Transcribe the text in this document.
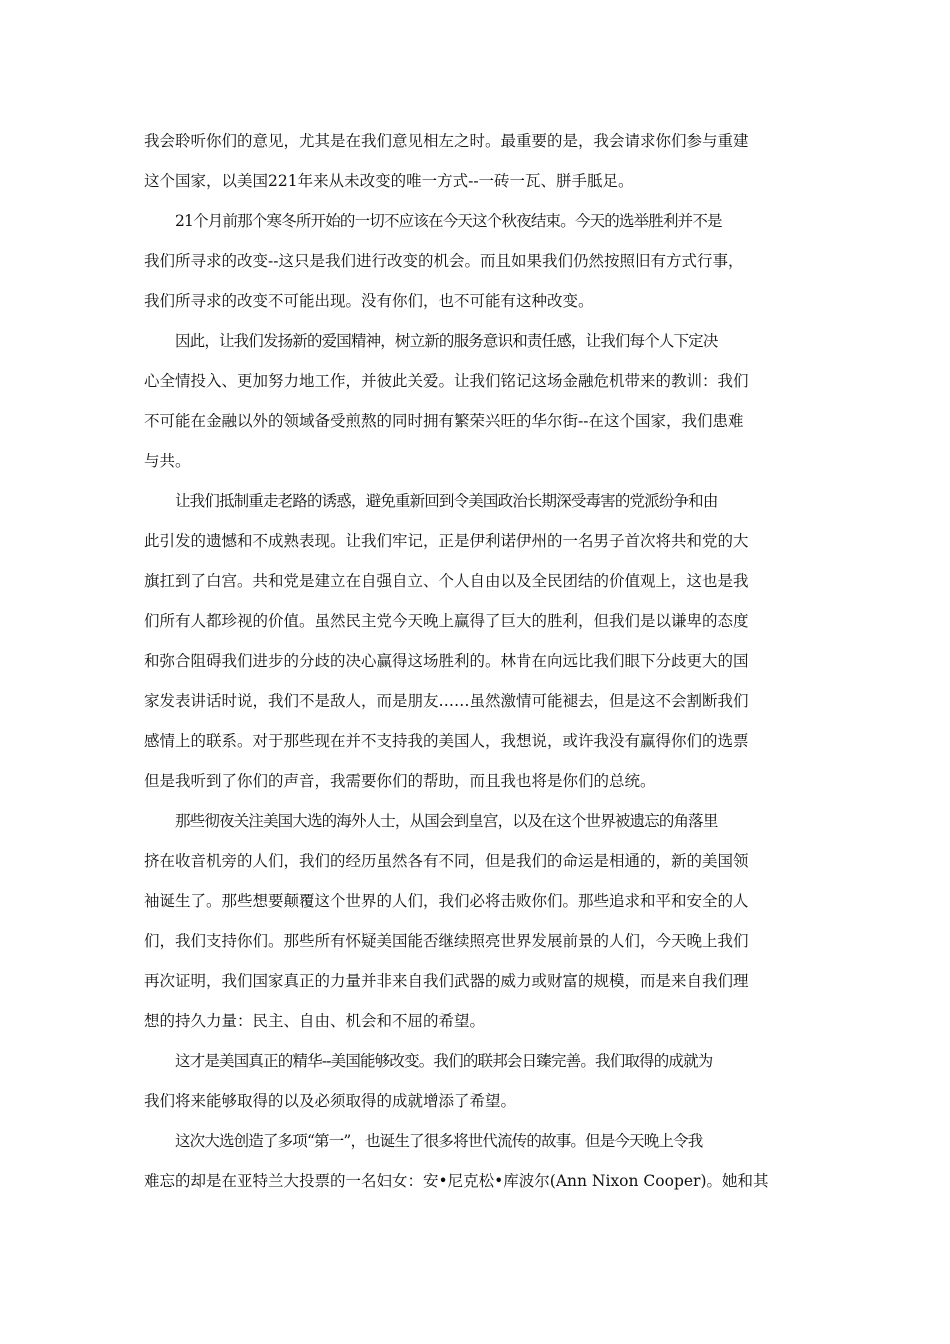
我会聆听你们的意见，尤其是在我们意见相左之时。最重要的是，我会请求你们参与重建
这个国家，以美国221年来从未改变的唯一方式--一砖一瓦、胼手胝足。
21个月前那个寒冬所开始的一切不应该在今天这个秋夜结束。今天的选举胜利并不是
我们所寻求的改变--这只是我们进行改变的机会。而且如果我们仍然按照旧有方式行事，
我们所寻求的改变不可能出现。没有你们，也不可能有这种改变。
因此，让我们发扬新的爱国精神，树立新的服务意识和责任感，让我们每个人下定决
心全情投入、更加努力地工作，并彼此关爱。让我们铭记这场金融危机带来的教训：我们
不可能在金融以外的领域备受煎熬的同时拥有繁荣兴旺的华尔街--在这个国家，我们患难
与共。
让我们抵制重走老路的诱惑，避免重新回到令美国政治长期深受毒害的党派纷争和由
此引发的遗憾和不成熟表现。让我们牢记，正是伊利诺伊州的一名男子首次将共和党的大
旗扛到了白宫。共和党是建立在自强自立、个人自由以及全民团结的价值观上，这也是我
们所有人都珍视的价值。虽然民主党今天晚上赢得了巨大的胜利，但我们是以谦卑的态度
和弥合阻碍我们进步的分歧的决心赢得这场胜利的。林肯在向远比我们眼下分歧更大的国
家发表讲话时说，我们不是敌人，而是朋友……虽然激情可能褪去，但是这不会割断我们
感情上的联系。对于那些现在并不支持我的美国人，我想说，或许我没有赢得你们的选票
但是我听到了你们的声音，我需要你们的帮助，而且我也将是你们的总统。
那些彻夜关注美国大选的海外人士，从国会到皇宫，以及在这个世界被遗忘的角落里
挤在收音机旁的人们，我们的经历虽然各有不同，但是我们的命运是相通的，新的美国领
袖诞生了。那些想要颠覆这个世界的人们，我们必将击败你们。那些追求和平和安全的人
们，我们支持你们。那些所有怀疑美国能否继续照亮世界发展前景的人们，今天晚上我们
再次证明，我们国家真正的力量并非来自我们武器的威力或财富的规模，而是来自我们理
想的持久力量：民主、自由、机会和不屈的希望。
这才是美国真正的精华--美国能够改变。我们的联邦会日臻完善。我们取得的成就为
我们将来能够取得的以及必须取得的成就增添了希望。
这次大选创造了多项“第一”，也诞生了很多将世代流传的故事。但是今天晚上令我
难忘的却是在亚特兰大投票的一名妇女：安•尼克松•库波尔(Ann Nixon Cooper)。她和其
